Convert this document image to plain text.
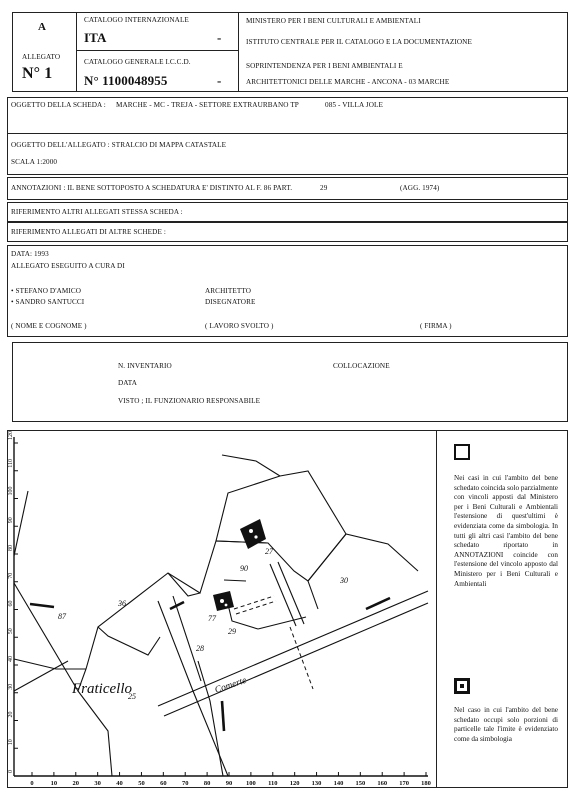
A
ALLEGATO
N° 1
CATALOGO INTERNAZIONALE
ITA	-
CATALOGO GENERALE I.C.C.D.
N° 1100048955	-
MINISTERO PER I BENI CULTURALI E AMBIENTALI
ISTITUTO CENTRALE PER IL CATALOGO E LA DOCUMENTAZIONE
SOPRINTENDENZA PER I BENI AMBIENTALI E
ARCHITETTONICI DELLE MARCHE - ANCONA - 03 MARCHE
OGGETTO DELLA SCHEDA : MARCHE - MC - TREJA - SETTORE EXTRAURBANO TP	085 - VILLA JOLE
OGGETTO DELL'ALLEGATO : STRALCIO DI MAPPA CATASTALE
SCALA 1:2000
ANNOTAZIONI : IL BENE SOTTOPOSTO A SCHEDATURA E' DISTINTO AL F. 86 PART.	29	(AGG. 1974)
RIFERIMENTO ALTRI ALLEGATI STESSA SCHEDA :
RIFERIMENTO ALLEGATI DI ALTRE SCHEDE :
DATA: 1993
ALLEGATO ESEGUITO A CURA DI
• STEFANO D'AMICO
• SANDRO SANTUCCI
ARCHITETTO
DISEGNATORE
( NOME E COGNOME )	( LAVORO SVOLTO )	( FIRMA )
N. INVENTARIO	COLLOCAZIONE
DATA
VISTO ; IL FUNZIONARIO RESPONSABILE
87
36
27
30
29
28
77
90
25
Fraticello	Comerte
0
10
20
30
40
50
60
70
80
90
100
110
120
0	10 20 30 40 50 60 70 80 90 100 110 120 130 140 150 160 170 180
Nei casi in cui l'ambito del bene schedato coincida solo parzialmente con vincoli apposti dal Ministero per i Beni Culturali e Ambientali l'estensione di quest'ultimi è evidenziata come da simbologia. In tutti gli altri casi l'ambito del bene schedato riportato in ANNOTAZIONI coincide con l'estensione del vincolo apposto dal Ministero per i Beni Culturali e Ambientali
Nel caso in cui l'ambito del bene schedato occupi solo porzioni di particelle tale l'imite è evidenziato come da simbologia
